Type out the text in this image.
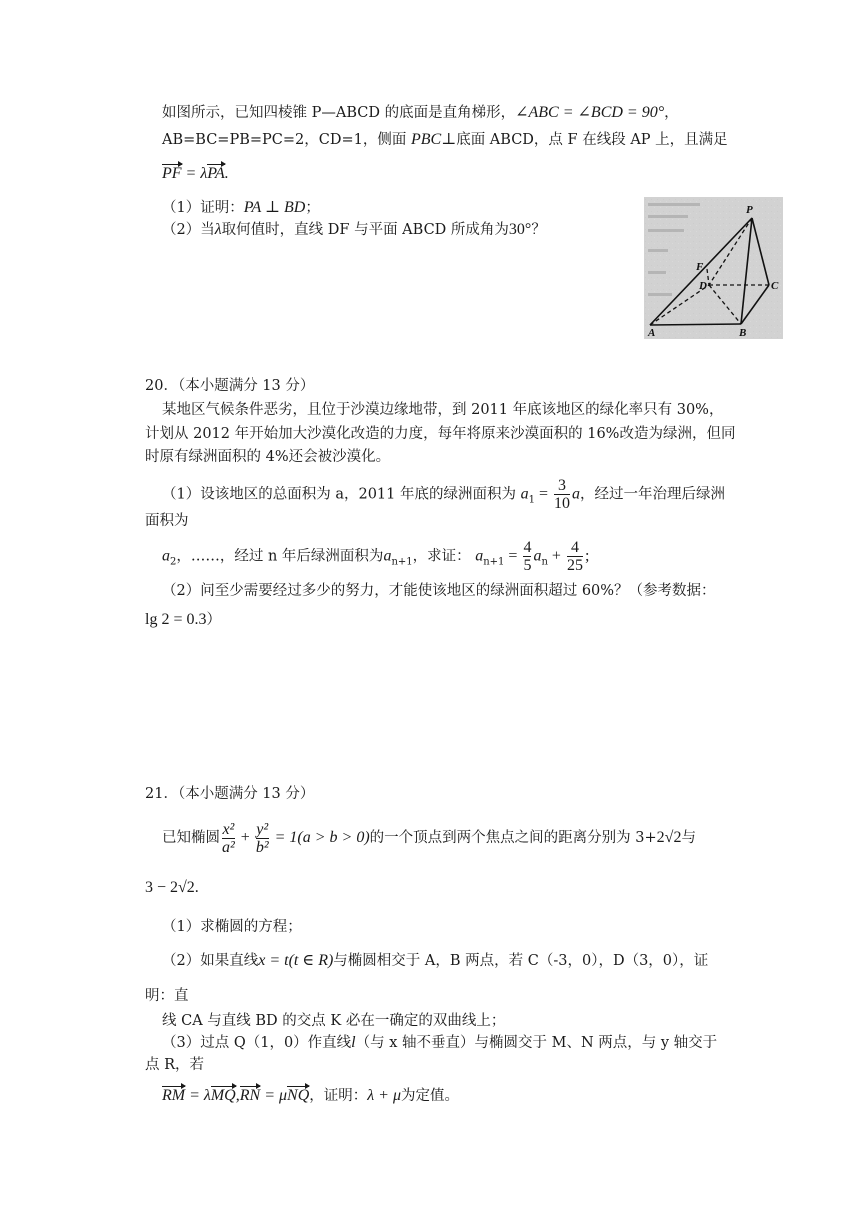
如图所示，已知四棱锥 P—ABCD 的底面是直角梯形，∠ABC = ∠BCD = 90°，
AB=BC=PB=PC=2，CD=1，侧面 PBC⊥底面 ABCD，点 F 在线段 AP 上，且满足
PF = λPA.
（1）证明：PA ⊥ BD；
（2）当λ取何值时，直线 DF 与平面 ABCD 所成角为30°？
P
F
D	C
A	B
20．（本小题满分 13 分）
某地区气候条件恶劣，且位于沙漠边缘地带，到 2011 年底该地区的绿化率只有 30%，
计划从 2012 年开始加大沙漠化改造的力度，每年将原来沙漠面积的 16%改造为绿洲，但同
时原有绿洲面积的 4%还会被沙漠化。
（1）设该地区的总面积为 a，2011 年底的绿洲面积为 $a_1 = \frac{3}{10}$ a，经过一年治理后绿洲
面积为
$a_2$，……，经过 n 年后绿洲面积为$a_{n+1}$，求证： $a_{n+1} = \frac{4}{5} a_n + \frac{4}{25}$ ;
（2）问至少需要经过多少的努力，才能使该地区的绿洲面积超过 60%？（参考数据：
lg 2 = 0.3）
21．（本小题满分 13 分）
已知椭圆 $\frac{\text{x²}}{\text{a²}} + \frac{\text{y²}}{\text{b²}} = 1(a > b > 0)$的一个顶点到两个焦点之间的距离分别为 3+2√2与
3 − 2√2.
（1）求椭圆的方程；
（2）如果直线x = t(t ∈ R)与椭圆相交于 A，B 两点，若 C（-3，0），D（3，0），证
明：直
线 CA 与直线 BD 的交点 K 必在一确定的双曲线上；
（3）过点 Q（1，0）作直线l（与 x 轴不垂直）与椭圆交于 M、N 两点，与 y 轴交于
点 R，若
RM = λMQ,RN = μNQ，证明：λ + μ为定值。
